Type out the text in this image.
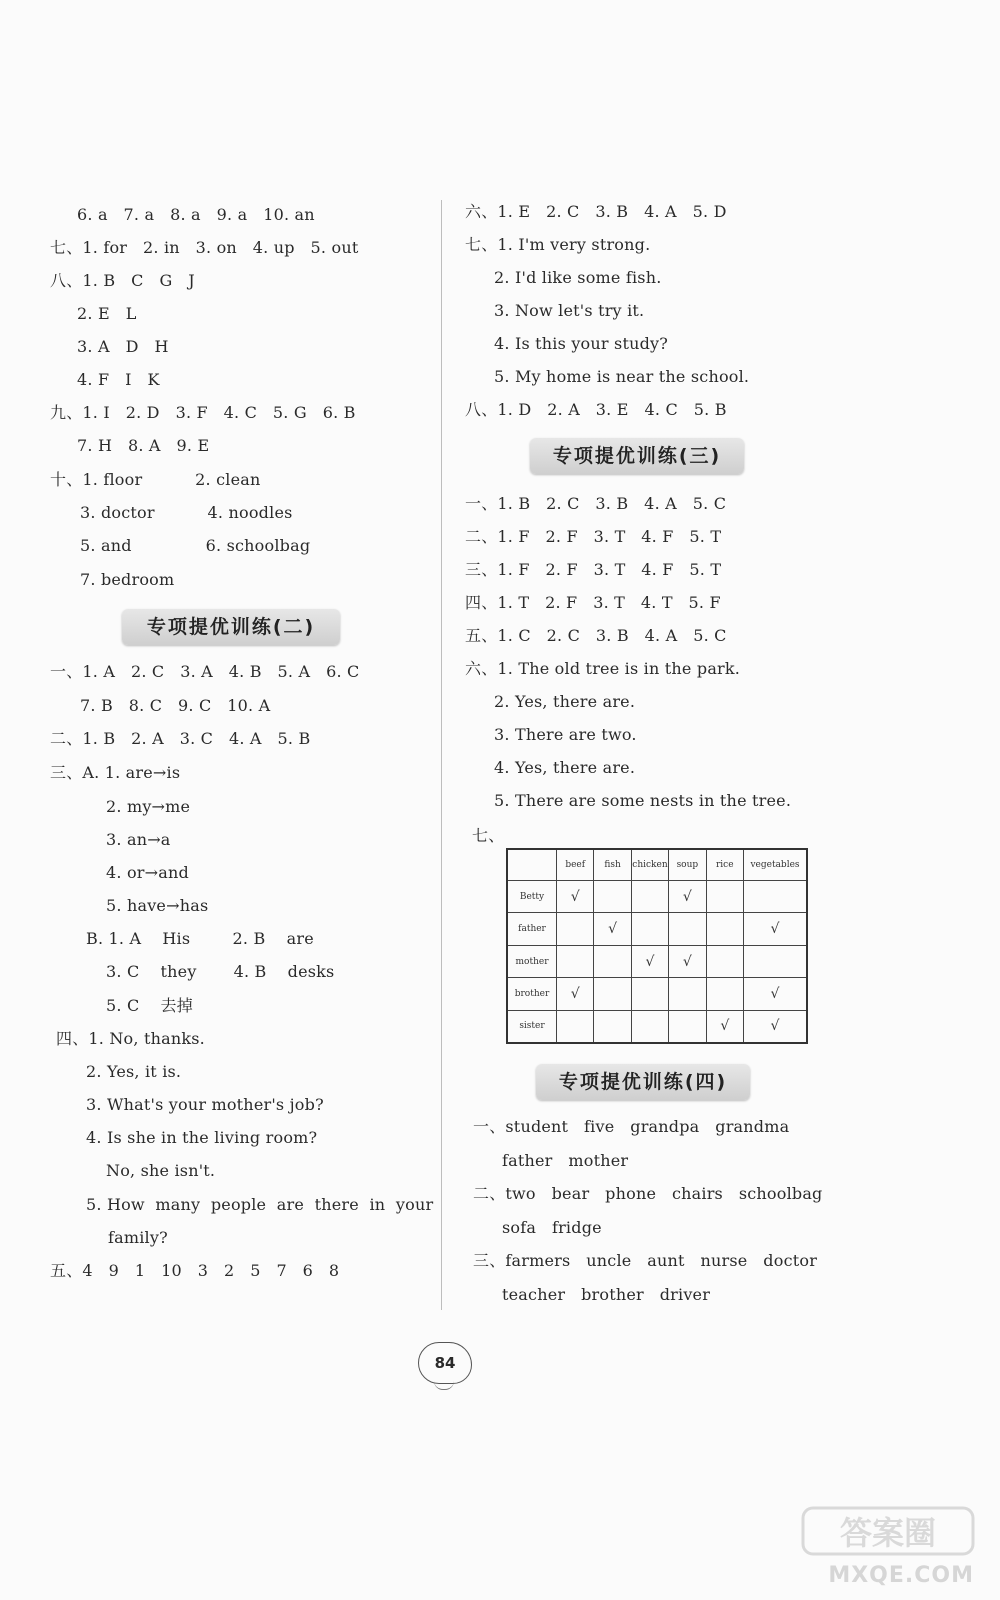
6. a   7. a   8. a   9. a   10. an
七、1. for   2. in   3. on   4. up   5. out
八、1. B   C   G   J
2. E   L
3. A   D   H
4. F   I   K
九、1. I   2. D   3. F   4. C   5. G   6. B
7. H   8. A   9. E
十、1. floor          2. clean
3. doctor          4. noodles
5. and              6. schoolbag
7. bedroom
专项提优训练(二)
一、1. A   2. C   3. A   4. B   5. A   6. C
7. B   8. C   9. C   10. A
二、1. B   2. A   3. C   4. A   5. B
三、A. 1. are→is
2. my→me
3. an→a
4. or→and
5. have→has
B. 1. A    His        2. B    are
3. C    they       4. B    desks
5. C    去掉
四、1. No, thanks.
2. Yes, it is.
3. What's your mother's job?
4. Is she in the living room?
No, she isn't.
5. How  many  people  are  there  in  your
family?
五、4   9   1   10   3   2   5   7   6   8
六、1. E   2. C   3. B   4. A   5. D
七、1. I'm very strong.
2. I'd like some fish.
3. Now let's try it.
4. Is this your study?
5. My home is near the school.
八、1. D   2. A   3. E   4. C   5. B
专项提优训练(三)
一、1. B   2. C   3. B   4. A   5. C
二、1. F   2. F   3. T   4. F   5. T
三、1. F   2. F   3. T   4. F   5. T
四、1. T   2. F   3. T   4. T   5. F
五、1. C   2. C   3. B   4. A   5. C
六、1. The old tree is in the park.
2. Yes, there are.
3. There are two.
4. Yes, there are.
5. There are some nests in the tree.
七、
	beef	fish	chicken	soup	rice	vegetables
Betty	√			√		
father		√				√
mother			√	√		
brother	√					√
sister					√	√
专项提优训练(四)
一、student   five   grandpa   grandma
father   mother
二、two   bear   phone   chairs   schoolbag
sofa   fridge
三、farmers   uncle   aunt   nurse   doctor
teacher   brother   driver
84
答案圈
MXQE.COM
